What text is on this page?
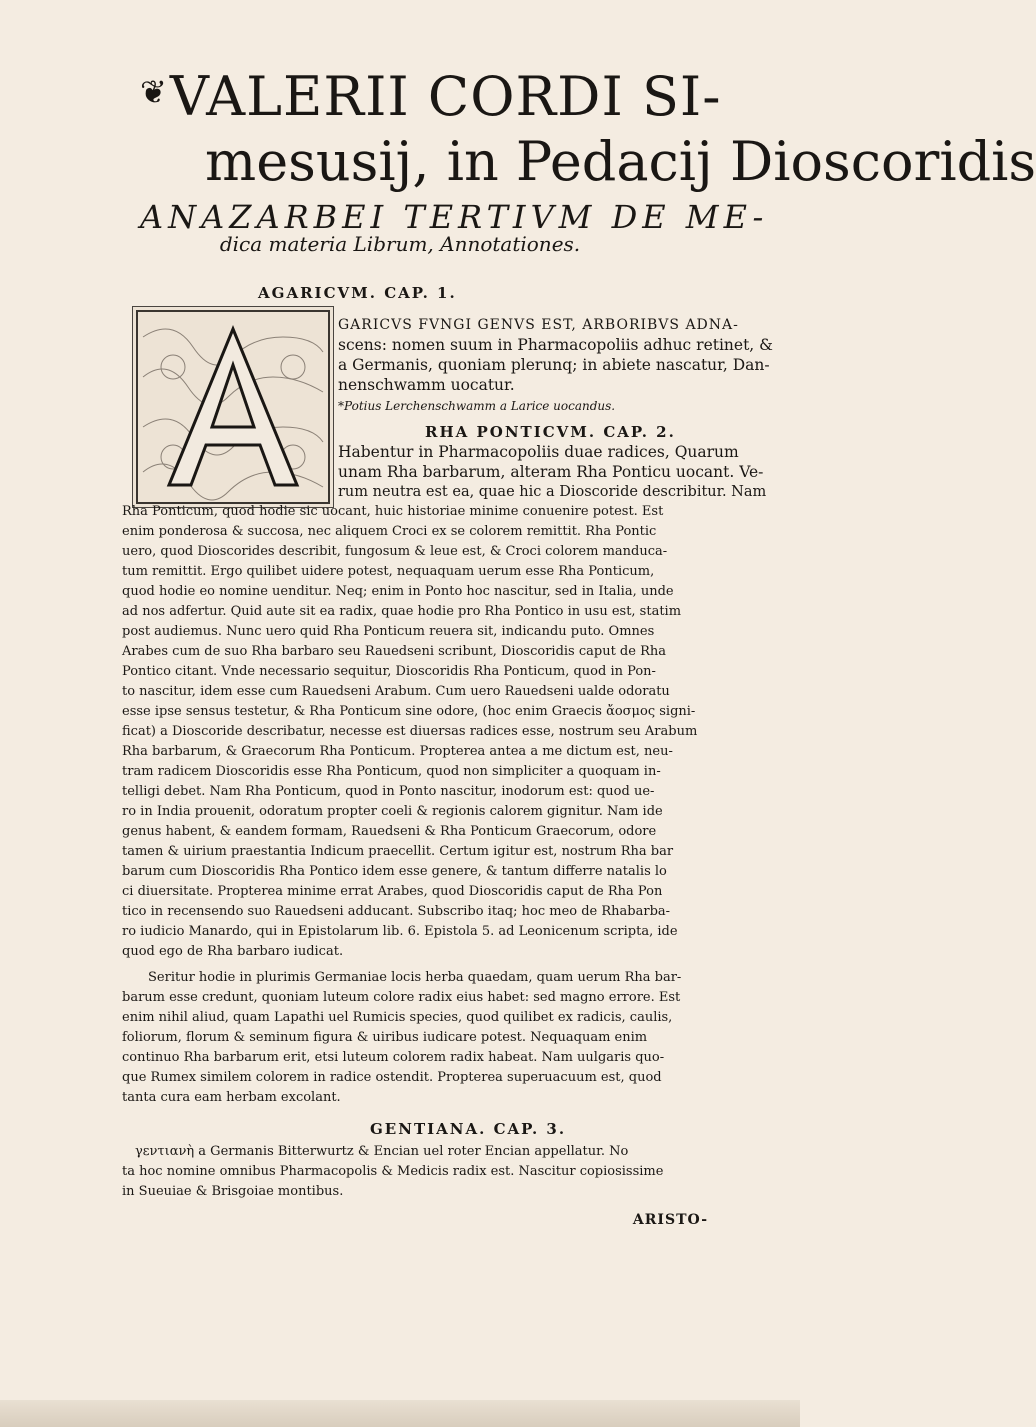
❦VALERII CORDI SI-
mesusij, in Pedacij Dioscoridis
ANAZARBEI TERTIVM DE ME-
dica materia Librum, Annotationes.
AGARICVM. CAP. 1.
GARICVS FVNGI GENVS EST, ARBORIBVS ADNA-
scens: nomen suum in Pharmacopoliis adhuc retinet, &
a Germanis, quoniam plerunq; in abiete nascatur, Dan-
nenschwamm uocatur.
*Potius Lerchenschwamm a Larice uocandus.
RHA PONTICVM. CAP. 2.
Habentur in Pharmacopoliis duae radices, Quarum
unam Rha barbarum, alteram Rha Ponticu uocant. Ve-
rum neutra est ea, quae hic a Dioscoride describitur. Nam
Rha Ponticum, quod hodie sic uocant, huic historiae minime conuenire potest. Est
enim ponderosa & succosa, nec aliquem Croci ex se colorem remittit. Rha Pontic
uero, quod Dioscorides describit, fungosum & leue est, & Croci colorem manduca-
tum remittit. Ergo quilibet uidere potest, nequaquam uerum esse Rha Ponticum,
quod hodie eo nomine uenditur. Neq; enim in Ponto hoc nascitur, sed in Italia, unde
ad nos adfertur. Quid aute sit ea radix, quae hodie pro Rha Pontico in usu est, statim
post audiemus. Nunc uero quid Rha Ponticum reuera sit, indicandu puto. Omnes
Arabes cum de suo Rha barbaro seu Rauedseni scribunt, Dioscoridis caput de Rha
Pontico citant. Vnde necessario sequitur, Dioscoridis Rha Ponticum, quod in Pon-
to nascitur, idem esse cum Rauedseni Arabum. Cum uero Rauedseni ualde odoratu
esse ipse sensus testetur, & Rha Ponticum sine odore, (hoc enim Graecis ἄοσμος signi-
ficat) a Dioscoride describatur, necesse est diuersas radices esse, nostrum seu Arabum
Rha barbarum, & Graecorum Rha Ponticum. Propterea antea a me dictum est, neu-
tram radicem Dioscoridis esse Rha Ponticum, quod non simpliciter a quoquam in-
telligi debet. Nam Rha Ponticum, quod in Ponto nascitur, inodorum est: quod ue-
ro in India prouenit, odoratum propter coeli & regionis calorem gignitur. Nam ide
genus habent, & eandem formam, Rauedseni & Rha Ponticum Graecorum, odore
tamen & uirium praestantia Indicum praecellit. Certum igitur est, nostrum Rha bar
barum cum Dioscoridis Rha Pontico idem esse genere, & tantum differre natalis lo
ci diuersitate. Propterea minime errat Arabes, quod Dioscoridis caput de Rha Pon
tico in recensendo suo Rauedseni adducant. Subscribo itaq; hoc meo de Rhabarba-
ro iudicio Manardo, qui in Epistolarum lib. 6. Epistola 5. ad Leonicenum scripta, ide
quod ego de Rha barbaro iudicat.
Seritur hodie in plurimis Germaniae locis herba quaedam, quam uerum Rha bar-
barum esse credunt, quoniam luteum colore radix eius habet: sed magno errore. Est
enim nihil aliud, quam Lapathi uel Rumicis species, quod quilibet ex radicis, caulis,
foliorum, florum & seminum figura & uiribus iudicare potest. Nequaquam enim
continuo Rha barbarum erit, etsi luteum colorem radix habeat. Nam uulgaris quo-
que Rumex similem colorem in radice ostendit. Propterea superuacuum est, quod
tanta cura eam herbam excolant.
GENTIANA. CAP. 3.
γεντιανὴ a Germanis Bitterwurtz & Encian uel roter Encian appellatur. No
ta hoc nomine omnibus Pharmacopolis & Medicis radix est. Nascitur copiosissime
in Sueuiae & Brisgoiae montibus.
ARISTO-
